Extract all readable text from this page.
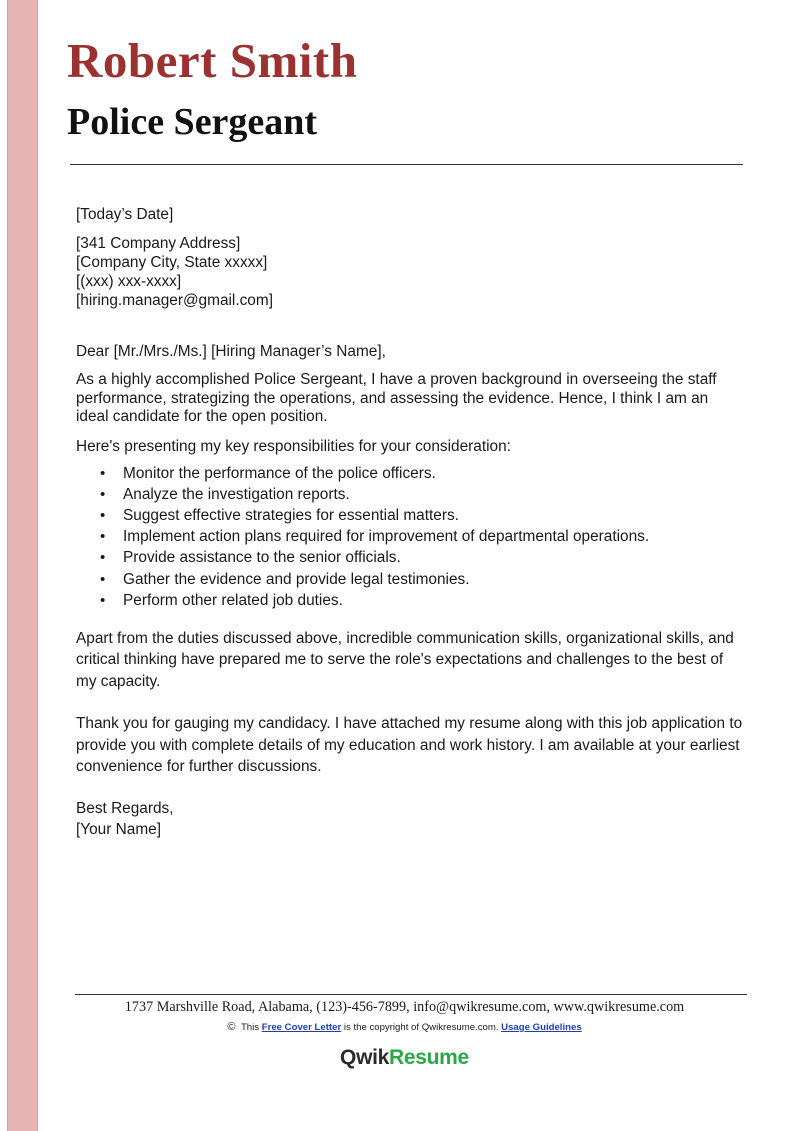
Robert Smith
Police Sergeant

[Today’s Date]

[341 Company Address]
[Company City, State xxxxx]
[(xxx) xxx-xxxx]
[hiring.manager@gmail.com]

Dear [Mr./Mrs./Ms.] [Hiring Manager’s Name],

As a highly accomplished Police Sergeant, I have a proven background in overseeing the staff performance, strategizing the operations, and assessing the evidence. Hence, I think I am an ideal candidate for the open position.

Here's presenting my key responsibilities for your consideration:

• Monitor the performance of the police officers.
• Analyze the investigation reports.
• Suggest effective strategies for essential matters.
• Implement action plans required for improvement of departmental operations.
• Provide assistance to the senior officials.
• Gather the evidence and provide legal testimonies.
• Perform other related job duties.

Apart from the duties discussed above, incredible communication skills, organizational skills, and critical thinking have prepared me to serve the role's expectations and challenges to the best of my capacity.

Thank you for gauging my candidacy. I have attached my resume along with this job application to provide you with complete details of my education and work history. I am available at your earliest convenience for further discussions.

Best Regards,
[Your Name]

1737 Marshville Road, Alabama, (123)-456-7899, info@qwikresume.com, www.qwikresume.com
© This Free Cover Letter is the copyright of Qwikresume.com. Usage Guidelines
QwikResume
